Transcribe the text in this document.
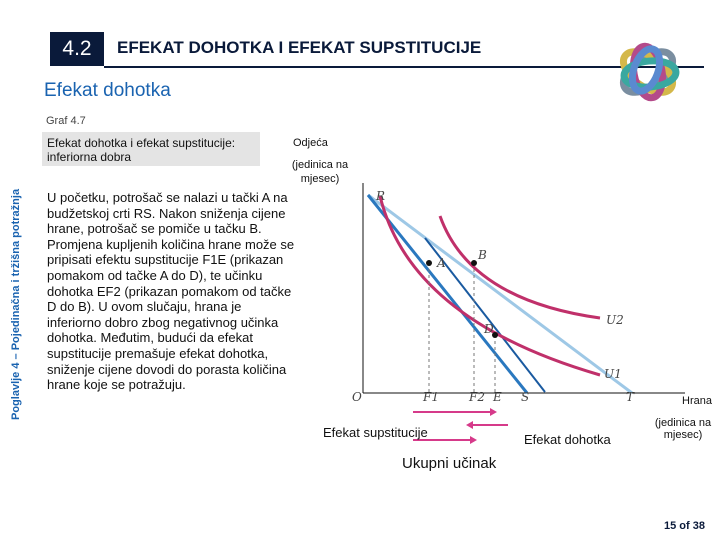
4.2	EFEKAT DOHOTKA I EFEKAT SUPSTITUCIJE
O
R
A
B
D
U1
U2
F1	F2 E S	T
Efekat dohotka
Graf 4.7
Efekat dohotka i efekat supstitucije: inferiorna dobra
Poglavlje 4 – Pojedinačna i tržišna potražnja U početku, potrošač se nalazi u tački A na budžetskoj crti RS. Nakon sniženja cijene hrane, potrošač se pomiče u tačku B. Promjena kupljenih količina hrane može se pripisati efektu supstitucije F1E (prikazan pomakom od tačke A do D), te učinku dohotka EF2 (prikazan pomakom od tačke D do B). U ovom slučaju, hrana je inferiorno dobro zbog negativnog učinka dohotka. Međutim, budući da efekat supstitucije premašuje efekat dohotka, sniženje cijene dovodi do porasta količina hrane koje se potražuju.
Odjeća
(jedinica na mjesec)
Hrana
(jedinica na mjesec)
Efekat supstitucije	Efekat dohotka
Ukupni učinak
15 of 38
